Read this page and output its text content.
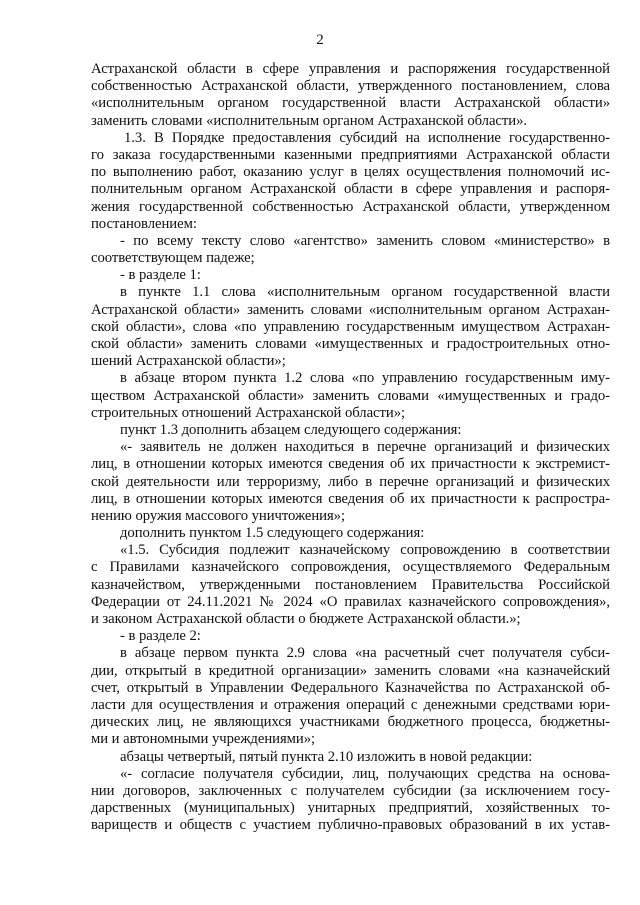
2
Астраханской области в сфере управления и распоряжения государственной
собственностью Астраханской области, утвержденного постановлением, слова
«исполнительным органом государственной власти Астраханской области»
заменить словами «исполнительным органом Астраханской области».
1.3. В Порядке предоставления субсидий на исполнение государственно-
го заказа государственными казенными предприятиями Астраханской области
по выполнению работ, оказанию услуг в целях осуществления полномочий ис-
полнительным органом Астраханской области в сфере управления и распоря-
жения государственной собственностью Астраханской области, утвержденном
постановлением:
- по всему тексту слово «агентство» заменить словом «министерство» в
соответствующем падеже;
- в разделе 1:
в пункте 1.1 слова «исполнительным органом государственной власти
Астраханской области» заменить словами «исполнительным органом Астрахан-
ской области», слова «по управлению государственным имуществом Астрахан-
ской области» заменить словами «имущественных и градостроительных отно-
шений Астраханской области»;
в абзаце втором пункта 1.2 слова «по управлению государственным иму-
ществом Астраханской области» заменить словами «имущественных и градо-
строительных отношений Астраханской области»;
пункт 1.3 дополнить абзацем следующего содержания:
«- заявитель не должен находиться в перечне организаций и физических
лиц, в отношении которых имеются сведения об их причастности к экстремист-
ской деятельности или терроризму, либо в перечне организаций и физических
лиц, в отношении которых имеются сведения об их причастности к распростра-
нению оружия массового уничтожения»;
дополнить пунктом 1.5 следующего содержания:
«1.5. Субсидия подлежит казначейскому сопровождению в соответствии
с Правилами казначейского сопровождения, осуществляемого Федеральным
казначейством, утвержденными постановлением Правительства Российской
Федерации от 24.11.2021 № 2024 «О правилах казначейского сопровождения»,
и законом Астраханской области о бюджете Астраханской области.»;
- в разделе 2:
в абзаце первом пункта 2.9 слова «на расчетный счет получателя субси-
дии, открытый в кредитной организации» заменить словами «на казначейский
счет, открытый в Управлении Федерального Казначейства по Астраханской об-
ласти для осуществления и отражения операций с денежными средствами юри-
дических лиц, не являющихся участниками бюджетного процесса, бюджетны-
ми и автономными учреждениями»;
абзацы четвертый, пятый пункта 2.10 изложить в новой редакции:
«- согласие получателя субсидии, лиц, получающих средства на основа-
нии договоров, заключенных с получателем субсидии (за исключением госу-
дарственных (муниципальных) унитарных предприятий, хозяйственных то-
вариществ и обществ с участием публично-правовых образований в их устав-
